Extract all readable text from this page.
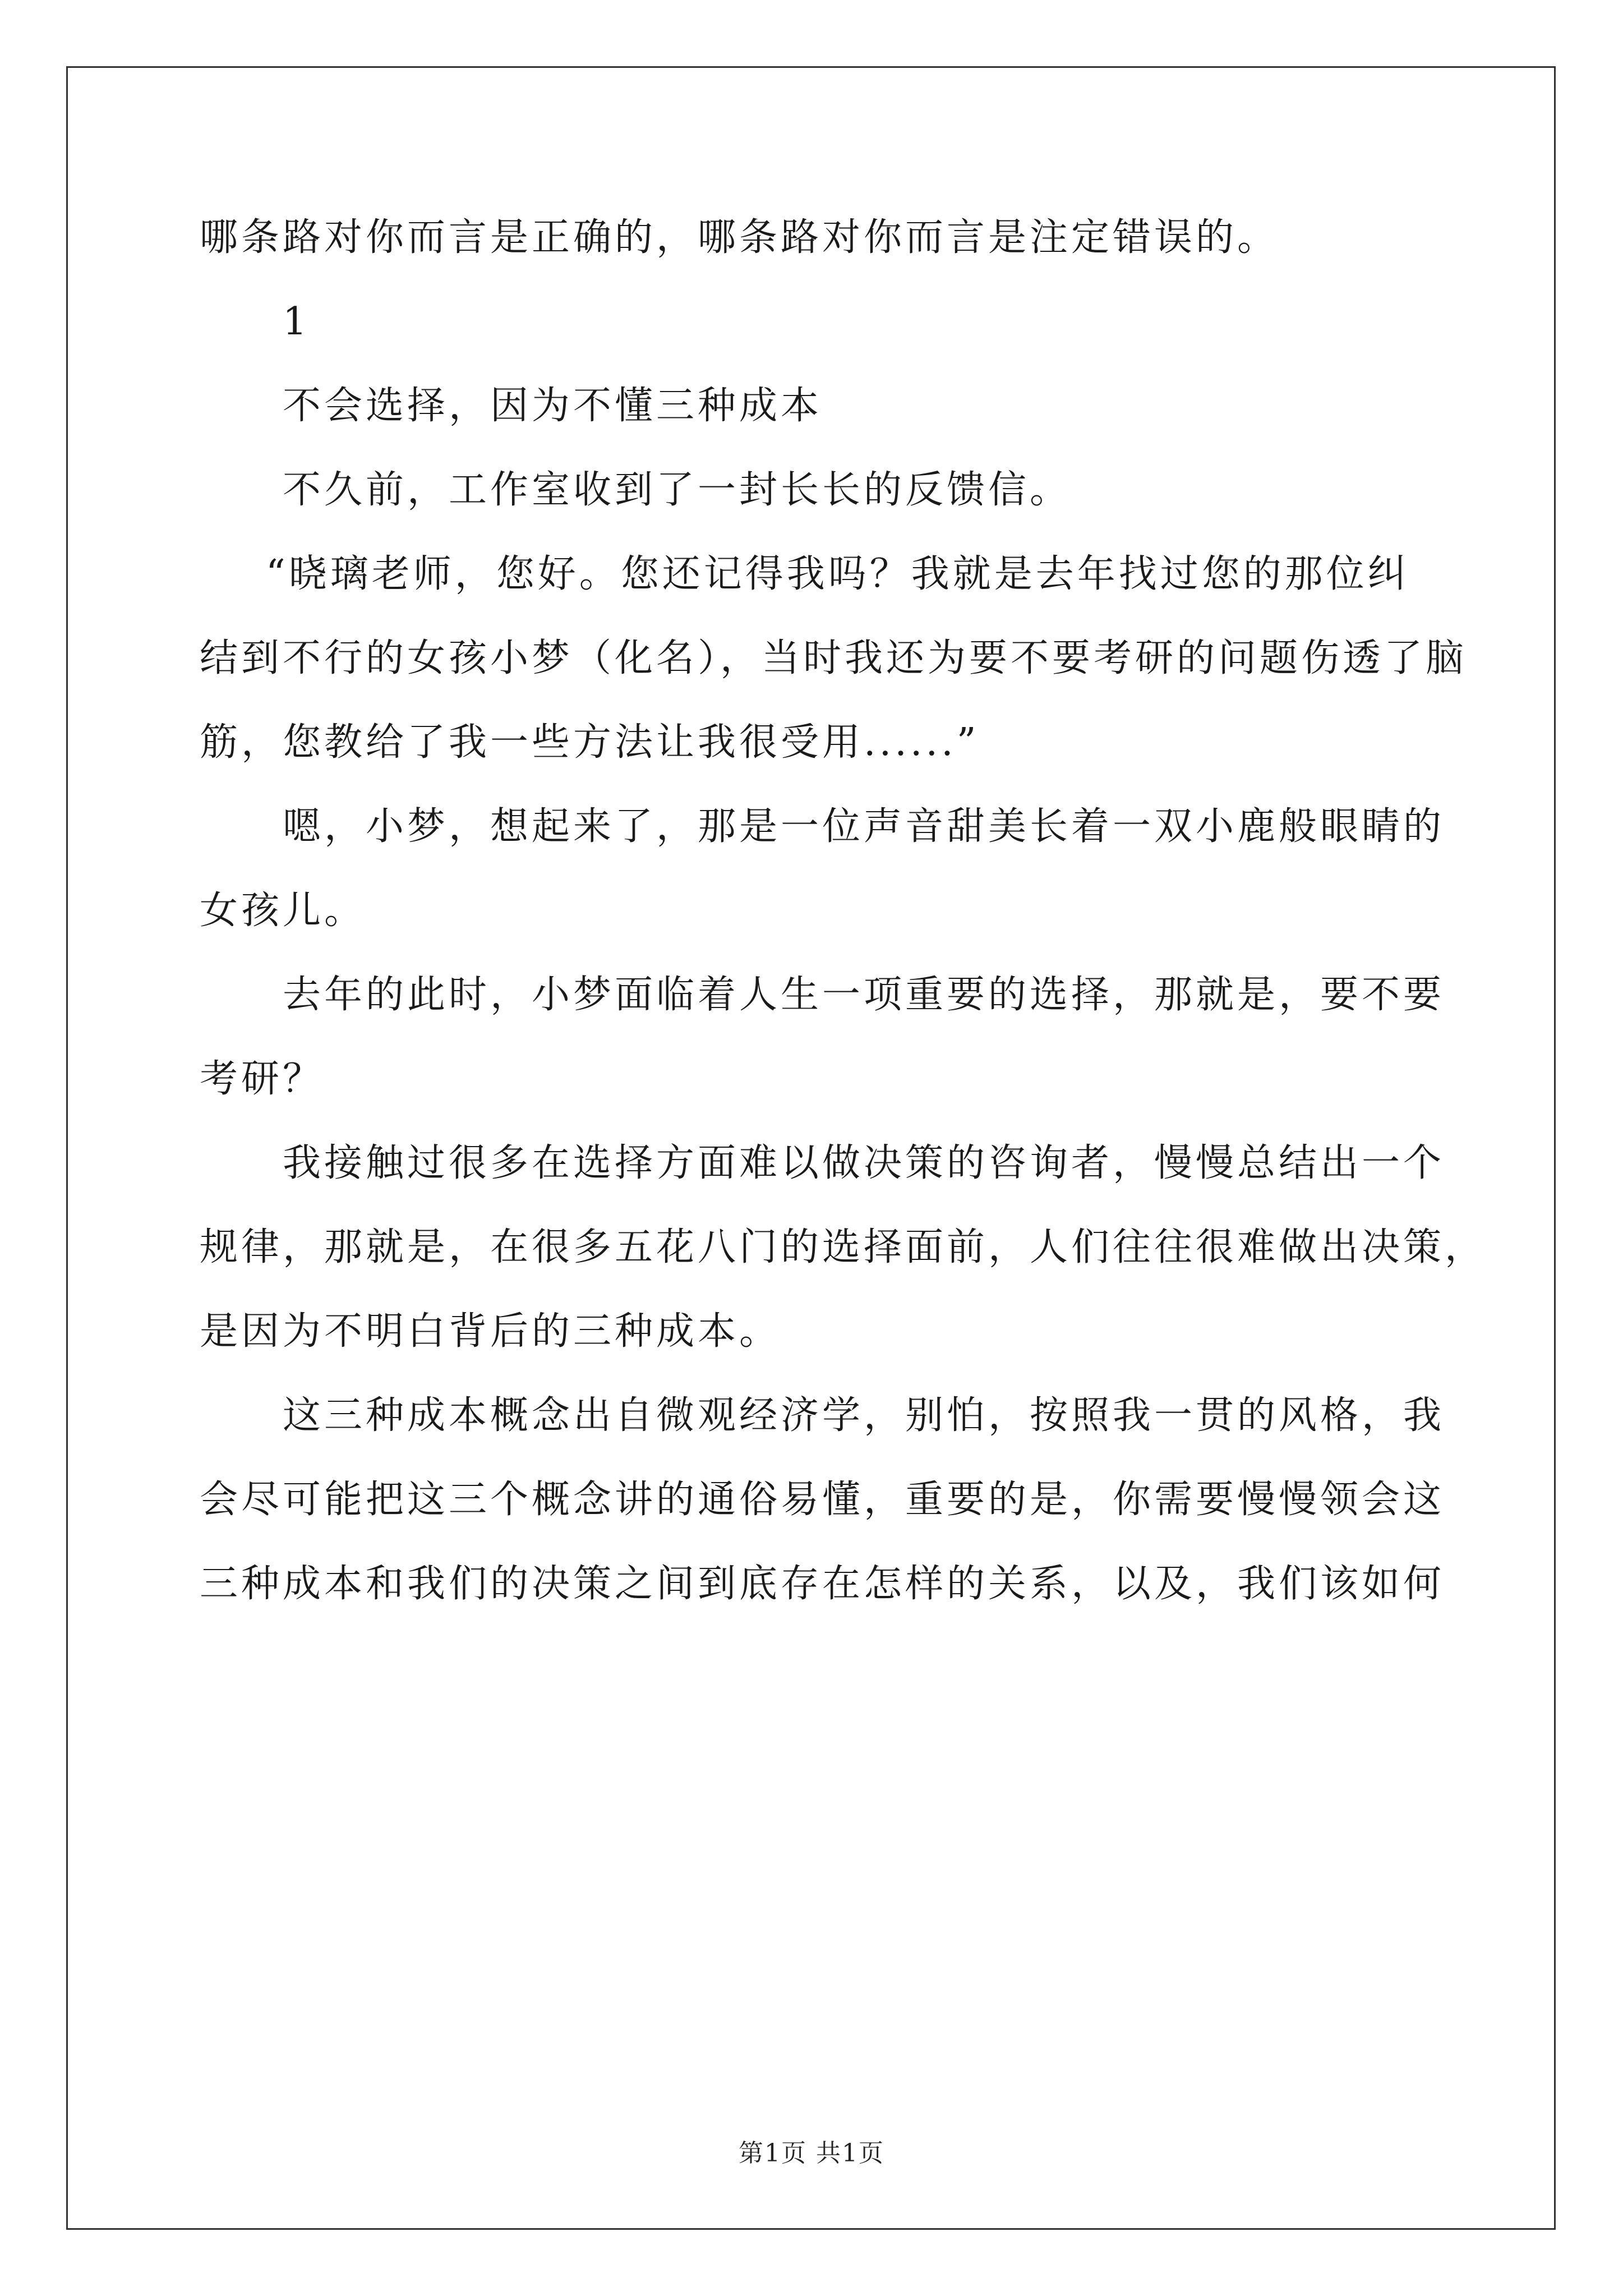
哪条路对你而言是正确的，哪条路对你而言是注定错误的。
1
不会选择，因为不懂三种成本
不久前，工作室收到了一封长长的反馈信。
“晓璃老师，您好。您还记得我吗？我就是去年找过您的那位纠
结到不行的女孩小梦（化名），当时我还为要不要考研的问题伤透了脑
筋，您教给了我一些方法让我很受用......”
嗯，小梦，想起来了，那是一位声音甜美长着一双小鹿般眼睛的
女孩儿。
去年的此时，小梦面临着人生一项重要的选择，那就是，要不要
考研？
我接触过很多在选择方面难以做决策的咨询者，慢慢总结出一个
规律，那就是，在很多五花八门的选择面前，人们往往很难做出决策，
是因为不明白背后的三种成本。
这三种成本概念出自微观经济学，别怕，按照我一贯的风格，我
会尽可能把这三个概念讲的通俗易懂，重要的是，你需要慢慢领会这
三种成本和我们的决策之间到底存在怎样的关系，以及，我们该如何
第1页 共1页
